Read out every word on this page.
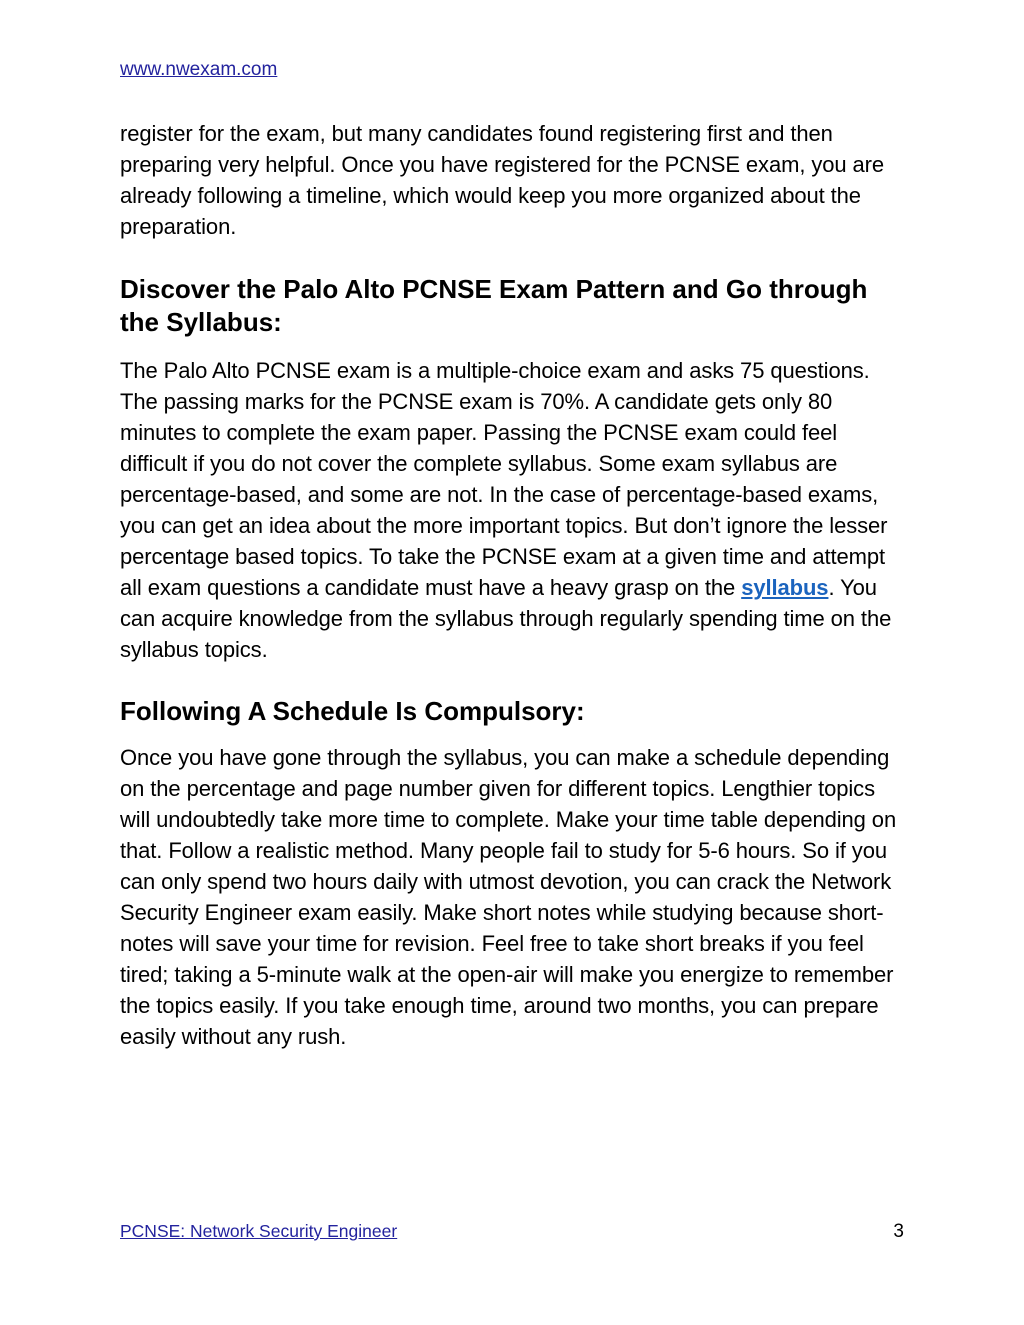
www.nwexam.com

register for the exam, but many candidates found registering first and then preparing very helpful. Once you have registered for the PCNSE exam, you are already following a timeline, which would keep you more organized about the preparation.

Discover the Palo Alto PCNSE Exam Pattern and Go through the Syllabus:

The Palo Alto PCNSE exam is a multiple-choice exam and asks 75 questions. The passing marks for the PCNSE exam is 70%. A candidate gets only 80 minutes to complete the exam paper. Passing the PCNSE exam could feel difficult if you do not cover the complete syllabus. Some exam syllabus are percentage-based, and some are not. In the case of percentage-based exams, you can get an idea about the more important topics. But don’t ignore the lesser percentage based topics. To take the PCNSE exam at a given time and attempt all exam questions a candidate must have a heavy grasp on the syllabus. You can acquire knowledge from the syllabus through regularly spending time on the syllabus topics.

Following A Schedule Is Compulsory:

Once you have gone through the syllabus, you can make a schedule depending on the percentage and page number given for different topics. Lengthier topics will undoubtedly take more time to complete. Make your time table depending on that. Follow a realistic method. Many people fail to study for 5-6 hours. So if you can only spend two hours daily with utmost devotion, you can crack the Network Security Engineer exam easily. Make short notes while studying because short-notes will save your time for revision. Feel free to take short breaks if you feel tired; taking a 5-minute walk at the open-air will make you energize to remember the topics easily. If you take enough time, around two months, you can prepare easily without any rush.

PCNSE: Network Security Engineer	3
